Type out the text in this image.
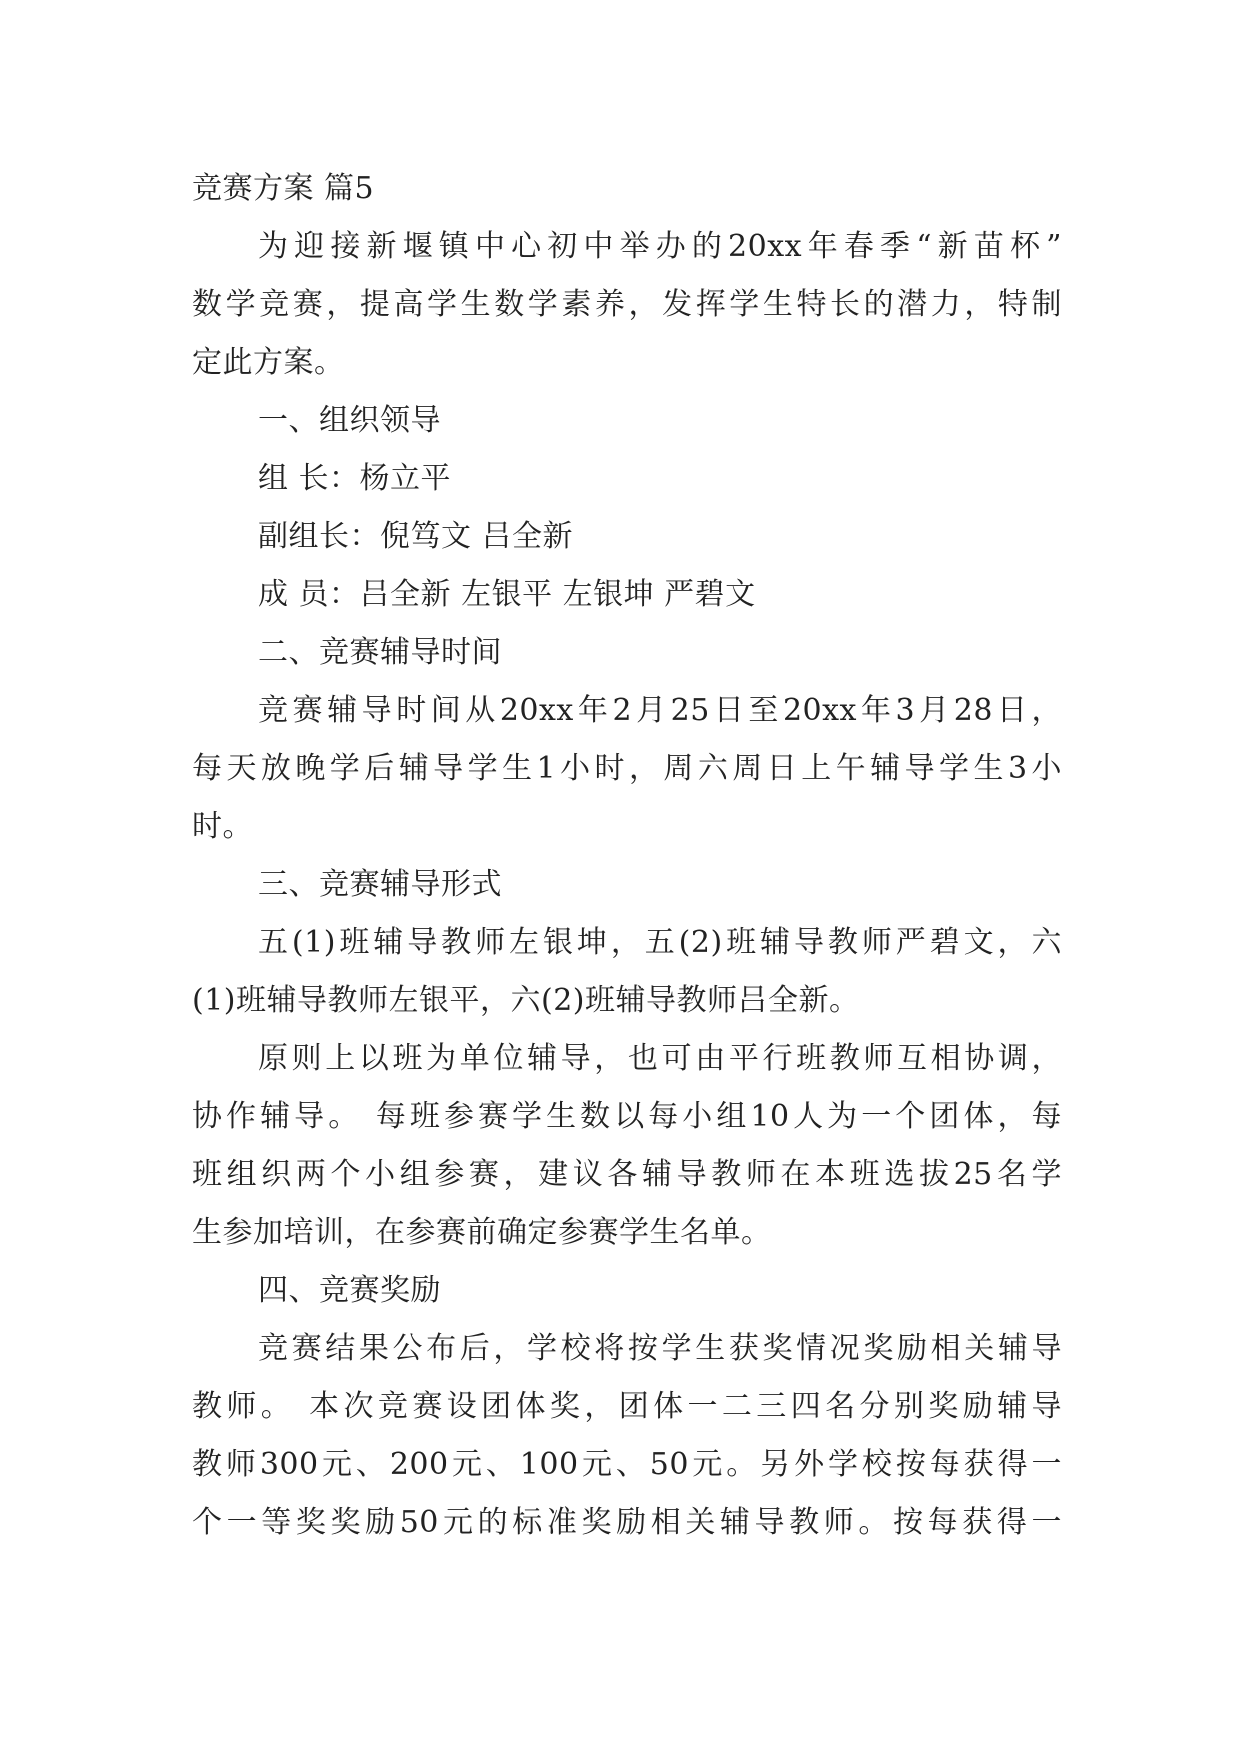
竞赛方案 篇5
为迎接新堰镇中心初中举办的20xx年春季“新苗杯”
数学竞赛，提高学生数学素养，发挥学生特长的潜力，特制
定此方案。
一、组织领导
组 长：杨立平
副组长：倪笃文 吕全新
成 员：吕全新 左银平 左银坤 严碧文
二、竞赛辅导时间
竞赛辅导时间从20xx年2月25日至20xx年3月28日，
每天放晚学后辅导学生1小时，周六周日上午辅导学生3小
时。
三、竞赛辅导形式
五(1)班辅导教师左银坤，五(2)班辅导教师严碧文，六
(1)班辅导教师左银平，六(2)班辅导教师吕全新。
原则上以班为单位辅导，也可由平行班教师互相协调，
协作辅导。 每班参赛学生数以每小组10人为一个团体，每
班组织两个小组参赛，建议各辅导教师在本班选拔25名学
生参加培训，在参赛前确定参赛学生名单。
四、竞赛奖励
竞赛结果公布后，学校将按学生获奖情况奖励相关辅导
教师。 本次竞赛设团体奖，团体一二三四名分别奖励辅导
教师300元、200元、100元、50元。另外学校按每获得一
个一等奖奖励50元的标准奖励相关辅导教师。按每获得一
